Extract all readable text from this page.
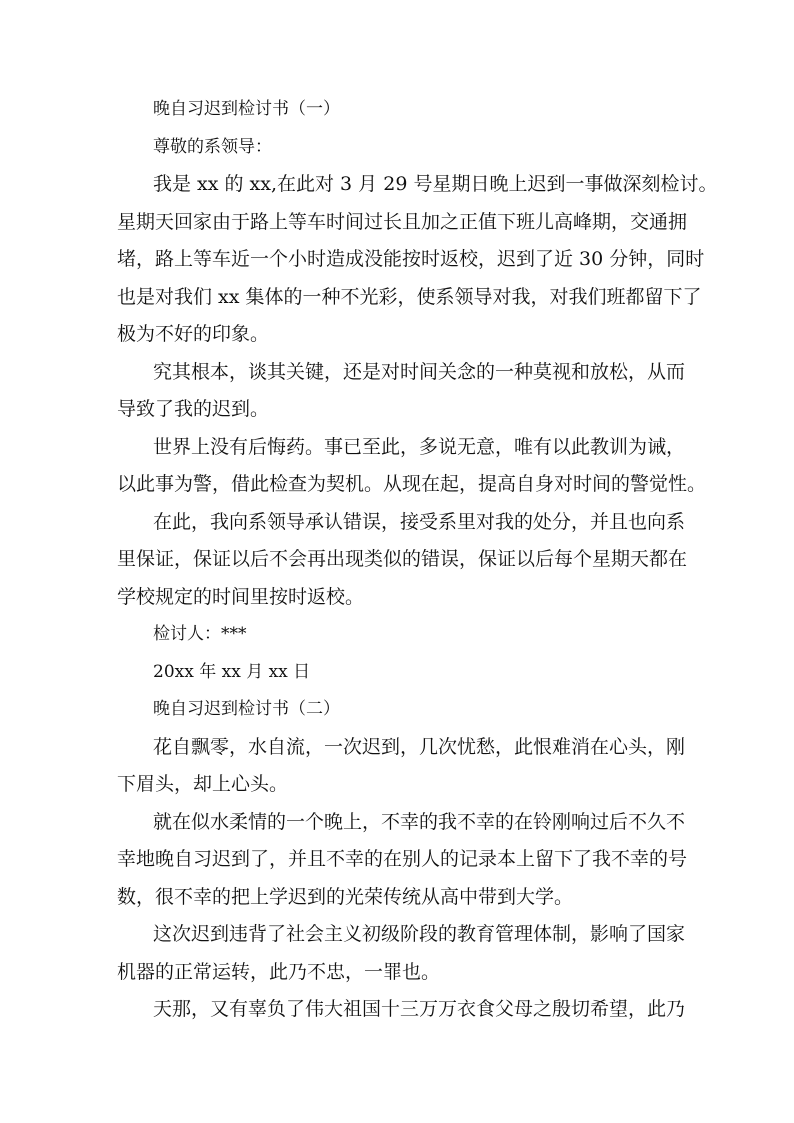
晚自习迟到检讨书（一）

尊敬的系领导：

我是 xx 的 xx,在此对 3 月 29 号星期日晚上迟到一事做深刻检讨。

星期天回家由于路上等车时间过长且加之正值下班儿高峰期，交通拥

堵，路上等车近一个小时造成没能按时返校，迟到了近 30 分钟，同时

也是对我们 xx 集体的一种不光彩，使系领导对我，对我们班都留下了

极为不好的印象。

究其根本，谈其关键，还是对时间关念的一种莫视和放松，从而

导致了我的迟到。

世界上没有后悔药。事已至此，多说无意，唯有以此教训为诫，

以此事为警，借此检查为契机。从现在起，提高自身对时间的警觉性。

在此，我向系领导承认错误，接受系里对我的处分，并且也向系

里保证，保证以后不会再出现类似的错误，保证以后每个星期天都在

学校规定的时间里按时返校。

检讨人：***

20xx 年 xx 月 xx 日

晚自习迟到检讨书（二）

花自飘零，水自流，一次迟到，几次忧愁，此恨难消在心头，刚

下眉头，却上心头。

就在似水柔情的一个晚上，不幸的我不幸的在铃刚响过后不久不

幸地晚自习迟到了，并且不幸的在别人的记录本上留下了我不幸的号

数，很不幸的把上学迟到的光荣传统从高中带到大学。

这次迟到违背了社会主义初级阶段的教育管理体制，影响了国家

机器的正常运转，此乃不忠，一罪也。

天那，又有辜负了伟大祖国十三万万衣食父母之殷切希望，此乃
